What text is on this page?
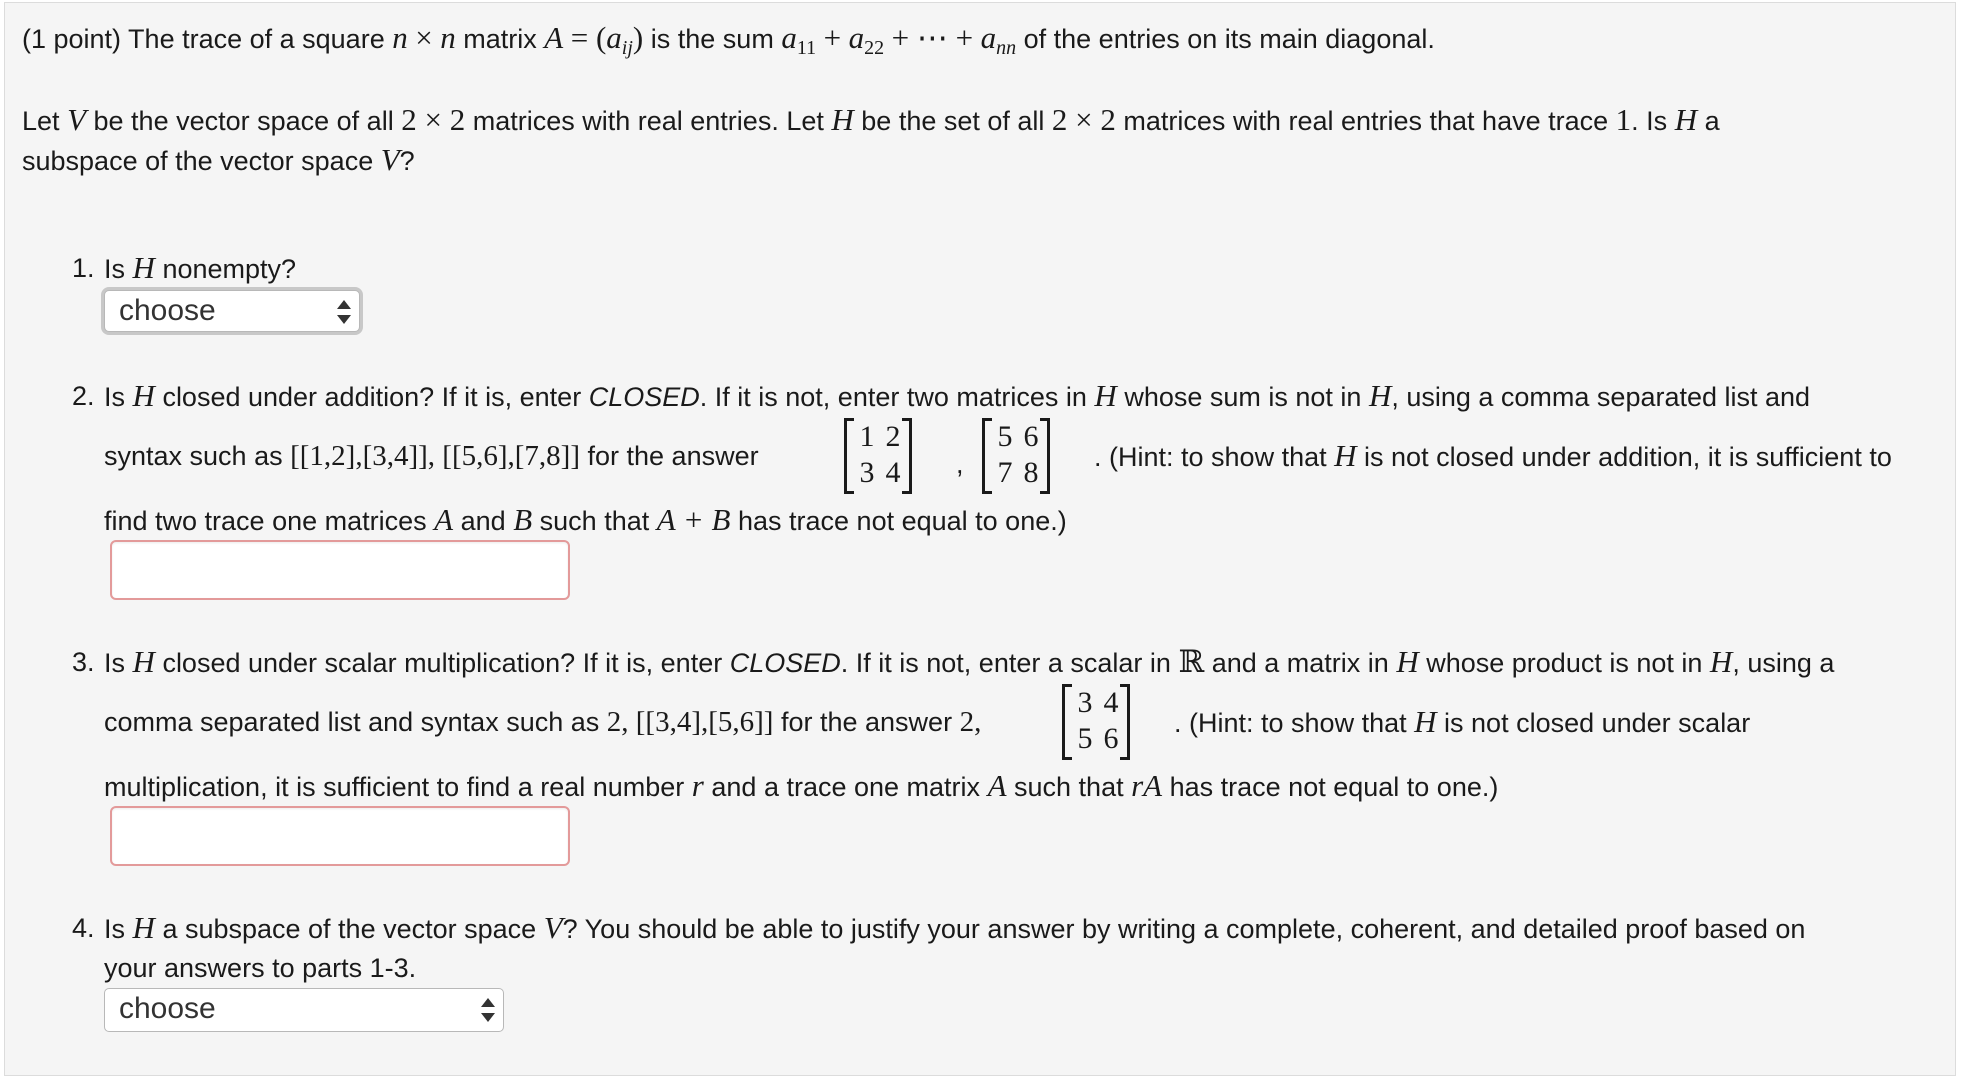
(1 point) The trace of a square n × n matrix $A = (a_{ij})$ is the sum $a_{11} + a_{22}$ + ⋯ + $a_{nn}$ of the entries on its main diagonal.
Let V be the vector space of all 2 × 2 matrices with real entries. Let H be the set of all 2 × 2 matrices with real entries that have trace 1. Is H a
subspace of the vector space V?
1. Is H nonempty?
choose
2. Is H closed under addition? If it is, enter CLOSED. If it is not, enter two matrices in H whose sum is not in H, using a comma separated list and
syntax such as [[1,2],[3,4]], [[5,6],[7,8]] for the answer
1 2
3 4 ,
5 6
7 8 . (Hint: to show that H is not closed under addition, it is sufficient to
find two trace one matrices A and B such that A + B has trace not equal to one.)
3. Is H closed under scalar multiplication? If it is, enter CLOSED. If it is not, enter a scalar in ℝ and a matrix in H whose product is not in H, using a
comma separated list and syntax such as 2, [[3,4],[5,6]] for the answer 2,
3 4
5 6 . (Hint: to show that H is not closed under scalar
multiplication, it is sufficient to find a real number r and a trace one matrix A such that rA has trace not equal to one.)
4. Is H a subspace of the vector space V? You should be able to justify your answer by writing a complete, coherent, and detailed proof based on
your answers to parts 1-3.
choose
